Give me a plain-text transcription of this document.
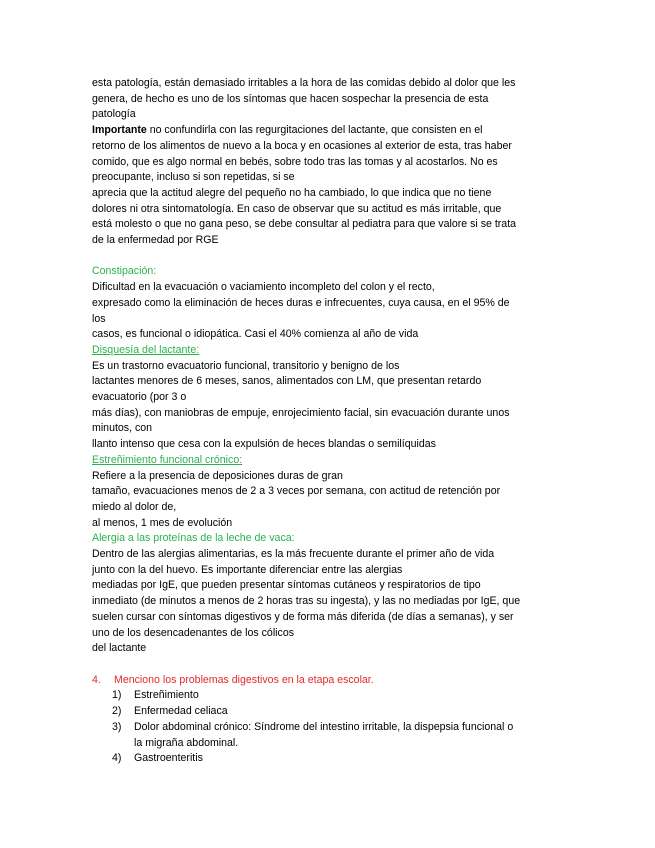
esta patología, están demasiado irritables a la hora de las comidas debido al dolor que les
genera, de hecho es uno de los síntomas que hacen sospechar la presencia de esta
patología
Importante no confundirla con las regurgitaciones del lactante, que consisten en el
retorno de los alimentos de nuevo a la boca y en ocasiones al exterior de esta, tras haber
comido, que es algo normal en bebés, sobre todo tras las tomas y al acostarlos. No es
preocupante, incluso si son repetidas, si se
aprecia que la actitud alegre del pequeño no ha cambiado, lo que indica que no tiene
dolores ni otra sintomatología. En caso de observar que su actitud es más irritable, que
está molesto o que no gana peso, se debe consultar al pediatra para que valore si se trata
de la enfermedad por RGE
Constipación:
Dificultad en la evacuación o vaciamiento incompleto del colon y el recto,
expresado como la eliminación de heces duras e infrecuentes, cuya causa, en el 95% de
los
casos, es funcional o idiopática. Casi el 40% comienza al año de vida
Disquesía del lactante:
Es un trastorno evacuatorio funcional, transitorio y benigno de los
lactantes menores de 6 meses, sanos, alimentados con LM, que presentan retardo
evacuatorio (por 3 o
más días), con maniobras de empuje, enrojecimiento facial, sin evacuación durante unos
minutos, con
llanto intenso que cesa con la expulsión de heces blandas o semilíquidas
Estreñimiento funcional crónico:
Refiere a la presencia de deposiciones duras de gran
tamaño, evacuaciones menos de 2 a 3 veces por semana, con actitud de retención por
miedo al dolor de,
al menos, 1 mes de evolución
Alergia a las proteínas de la leche de vaca:
Dentro de las alergias alimentarias, es la más frecuente durante el primer año de vida
junto con la del huevo. Es importante diferenciar entre las alergias
mediadas por IgE, que pueden presentar síntomas cutáneos y respiratorios de tipo
inmediato (de minutos a menos de 2 horas tras su ingesta), y las no mediadas por IgE, que
suelen cursar con síntomas digestivos y de forma más diferida (de días a semanas), y ser
uno de los desencadenantes de los cólicos
del lactante
4.	Menciono los problemas digestivos en la etapa escolar.
1)	Estreñimiento
2)	Enfermedad celiaca
3)	Dolor abdominal crónico: Síndrome del intestino irritable, la dispepsia funcional o
la migraña abdominal.
4)	Gastroenteritis
